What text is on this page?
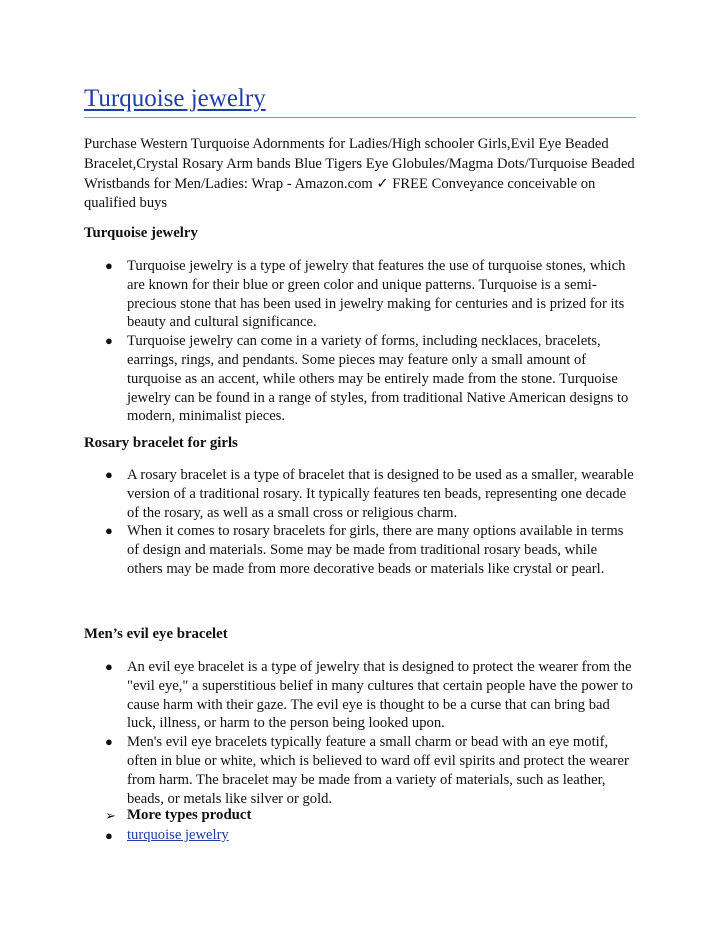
Turquoise jewelry

Purchase Western Turquoise Adornments for Ladies/High schooler Girls,Evil Eye Beaded Bracelet,Crystal Rosary Arm bands Blue Tigers Eye Globules/Magma Dots/Turquoise Beaded Wristbands for Men/Ladies: Wrap - Amazon.com ✓ FREE Conveyance conceivable on qualified buys

Turquoise jewelry
● Turquoise jewelry is a type of jewelry that features the use of turquoise stones, which are known for their blue or green color and unique patterns. Turquoise is a semi-precious stone that has been used in jewelry making for centuries and is prized for its beauty and cultural significance.
● Turquoise jewelry can come in a variety of forms, including necklaces, bracelets, earrings, rings, and pendants. Some pieces may feature only a small amount of turquoise as an accent, while others may be entirely made from the stone. Turquoise jewelry can be found in a range of styles, from traditional Native American designs to modern, minimalist pieces.
Rosary bracelet for girls
● A rosary bracelet is a type of bracelet that is designed to be used as a smaller, wearable version of a traditional rosary. It typically features ten beads, representing one decade of the rosary, as well as a small cross or religious charm.
● When it comes to rosary bracelets for girls, there are many options available in terms of design and materials. Some may be made from traditional rosary beads, while others may be made from more decorative beads or materials like crystal or pearl.
Men’s evil eye bracelet
● An evil eye bracelet is a type of jewelry that is designed to protect the wearer from the "evil eye," a superstitious belief in many cultures that certain people have the power to cause harm with their gaze. The evil eye is thought to be a curse that can bring bad luck, illness, or harm to the person being looked upon.
● Men's evil eye bracelets typically feature a small charm or bead with an eye motif, often in blue or white, which is believed to ward off evil spirits and protect the wearer from harm. The bracelet may be made from a variety of materials, such as leather, beads, or metals like silver or gold.
➢ More types product
● turquoise jewelry
